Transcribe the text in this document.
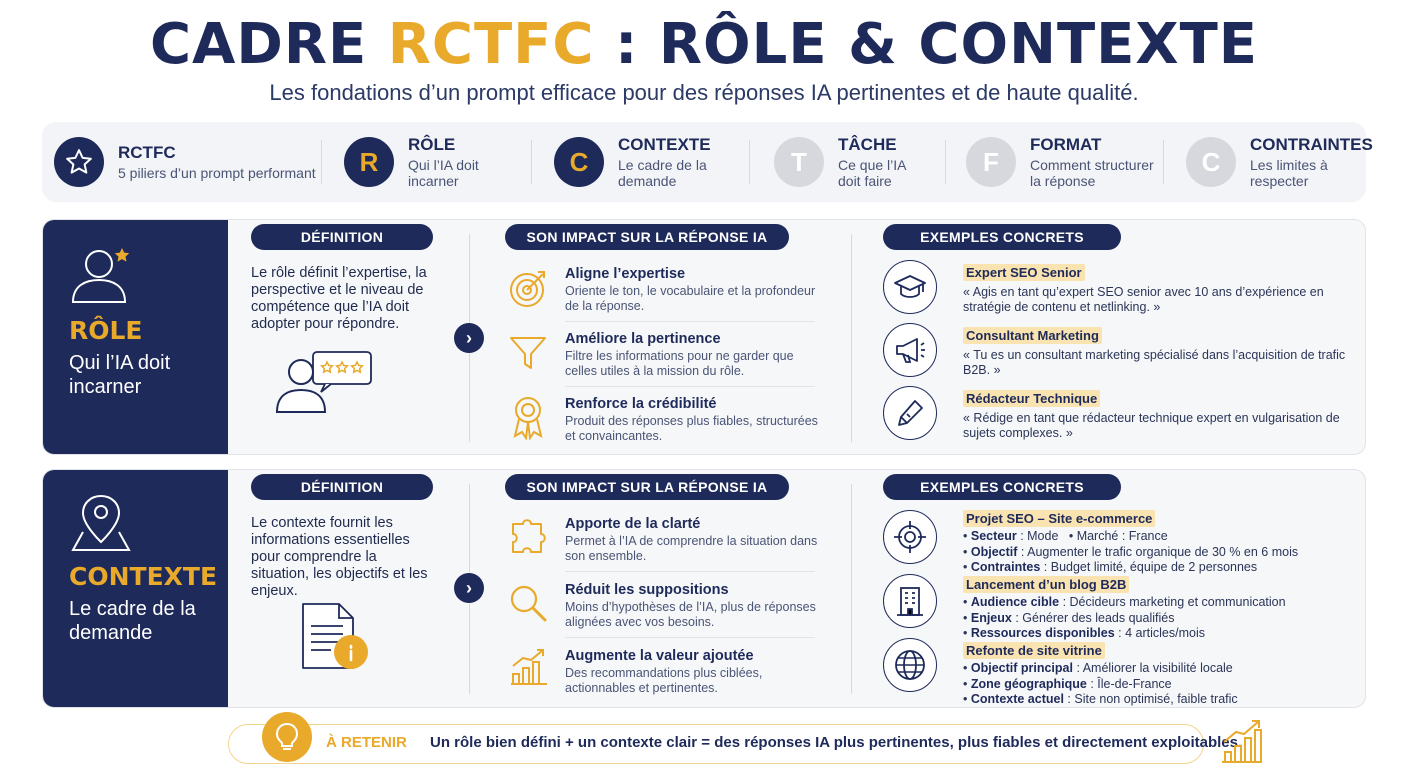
CADRE RCTFC : RÔLE & CONTEXTE
Les fondations d’un prompt efficace pour des réponses IA pertinentes et de haute qualité.
RCTFC
5 piliers d’un prompt performant	R
RÔLE
Qui l’IA doit incarner
C
CONTEXTE
Le cadre de la demande
T
TÂCHE
Ce que l’IA doit faire
F
FORMAT
Comment structurer la réponse
C
CONTRAINTES
Les limites à respecter
RÔLE
Qui l’IA doit incarner
DÉFINITION
Le rôle définit l’expertise, la perspective et le niveau de compétence que l’IA doit adopter pour répondre.
›
SON IMPACT SUR LA RÉPONSE IA
Aligne l’expertise
Oriente le ton, le vocabulaire et la profondeur de la réponse.
Améliore la pertinence
Filtre les informations pour ne garder que celles utiles à la mission du rôle.
Renforce la crédibilité
Produit des réponses plus fiables, structurées et convaincantes.
EXEMPLES CONCRETS
Expert SEO Senior
« Agis en tant qu’expert SEO senior avec 10 ans d’expérience en stratégie de contenu et netlinking. »
Consultant Marketing
« Tu es un consultant marketing spécialisé dans l’acquisition de trafic B2B. »
Rédacteur Technique
« Rédige en tant que rédacteur technique expert en vulgarisation de sujets complexes. »
CONTEXTE
Le cadre de la demande
DÉFINITION
Le contexte fournit les informations essentielles pour comprendre la situation, les objectifs et les enjeux.	›
SON IMPACT SUR LA RÉPONSE IA
Apporte de la clarté
Permet à l’IA de comprendre la situation dans son ensemble.
Réduit les suppositions
Moins d’hypothèses de l’IA, plus de réponses alignées avec vos besoins.
Augmente la valeur ajoutée
Des recommandations plus ciblées, actionnables et pertinentes.
EXEMPLES CONCRETS
Projet SEO – Site e-commerce
• Secteur : Mode   • Marché : France
• Objectif : Augmenter le trafic organique de 30 % en 6 mois
• Contraintes : Budget limité, équipe de 2 personnes
Lancement d’un blog B2B
• Audience cible : Décideurs marketing et communication
• Enjeux : Générer des leads qualifiés
• Ressources disponibles : 4 articles/mois
Refonte de site vitrine
• Objectif principal : Améliorer la visibilité locale
• Zone géographique : Île-de-France
• Contexte actuel : Site non optimisé, faible trafic
À RETENIR Un rôle bien défini + un contexte clair = des réponses IA plus pertinentes, plus fiables et directement exploitables.
